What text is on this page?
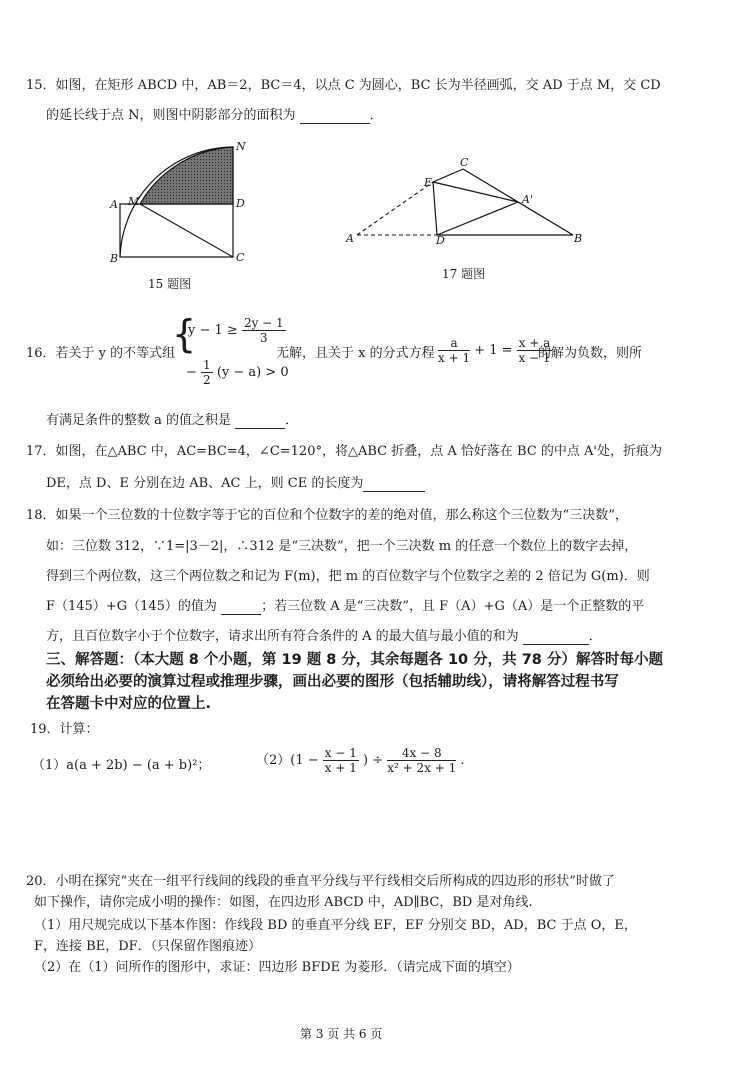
15．如图，在矩形 ABCD 中，AB＝2，BC＝4，以点 C 为圆心，BC 长为半径画弧，交 AD 于点 M，交 CD
的延长线于点 N，则图中阴影部分的面积为	．
N
M
A	D
B	C
15 题图
C
E
A'
A	D	B
17 题图
16．若关于 y 的不等式组
{
$y - 1 \ge \frac{2y - 1}{3}$
− $\frac{1}{2} (y - a) > 0$
无解，且关于 x 的分式方程 $\frac{a}{x + 1} + 1 = \frac{x + a}{x - 1}$
的解为负数，则所
有满足条件的整数 a 的值之积是	．
17．如图，在△ABC 中，AC=BC=4，∠C=120°，将△ABC 折叠，点 A 恰好落在 BC 的中点 A'处，折痕为
DE，点 D、E 分别在边 AB、AC 上，则 CE 的长度为
18．如果一个三位数的十位数字等于它的百位和个位数字的差的绝对值，那么称这个三位数为“三决数”，
如：三位数 312，∵1=|3－2|，∴312 是“三决数”，把一个三决数 m 的任意一个数位上的数字去掉，
得到三个两位数，这三个两位数之和记为 F(m)，把 m 的百位数字与个位数字之差的 2 倍记为 G(m)．则
F（145）+G（145）的值为	；若三位数 A 是“三决数”，且 F（A）+G（A）是一个正整数的平
方，且百位数字小于个位数字，请求出所有符合条件的 A 的最大值与最小值的和为	．
三、解答题：（本大题 8 个小题，第 19 题 8 分，其余每题各 10 分，共 78 分）解答时每小题
必须给出必要的演算过程或推理步骤，画出必要的图形（包括辅助线），请将解答过程书写
在答题卡中对应的位置上.
19．计算：
（1）a(a + 2b) − (a + b)²；	$(2)(1 - \frac{x - 1}{x + 1}$ ) ÷ $\frac{4x - 8}{\text{x² + 2x + 1}}$ .
20．小明在探究“夹在一组平行线间的线段的垂直平分线与平行线相交后所构成的四边形的形状”时做了
如下操作，请你完成小明的操作：如图，在四边形 ABCD 中，AD∥BC，BD 是对角线.
（1）用尺规完成以下基本作图：作线段 BD 的垂直平分线 EF，EF 分别交 BD，AD，BC 于点 O，E，
F，连接 BE，DF．（只保留作图痕迹）
（2）在（1）问所作的图形中，求证：四边形 BFDE 为菱形．（请完成下面的填空）
第 3 页 共 6 页
